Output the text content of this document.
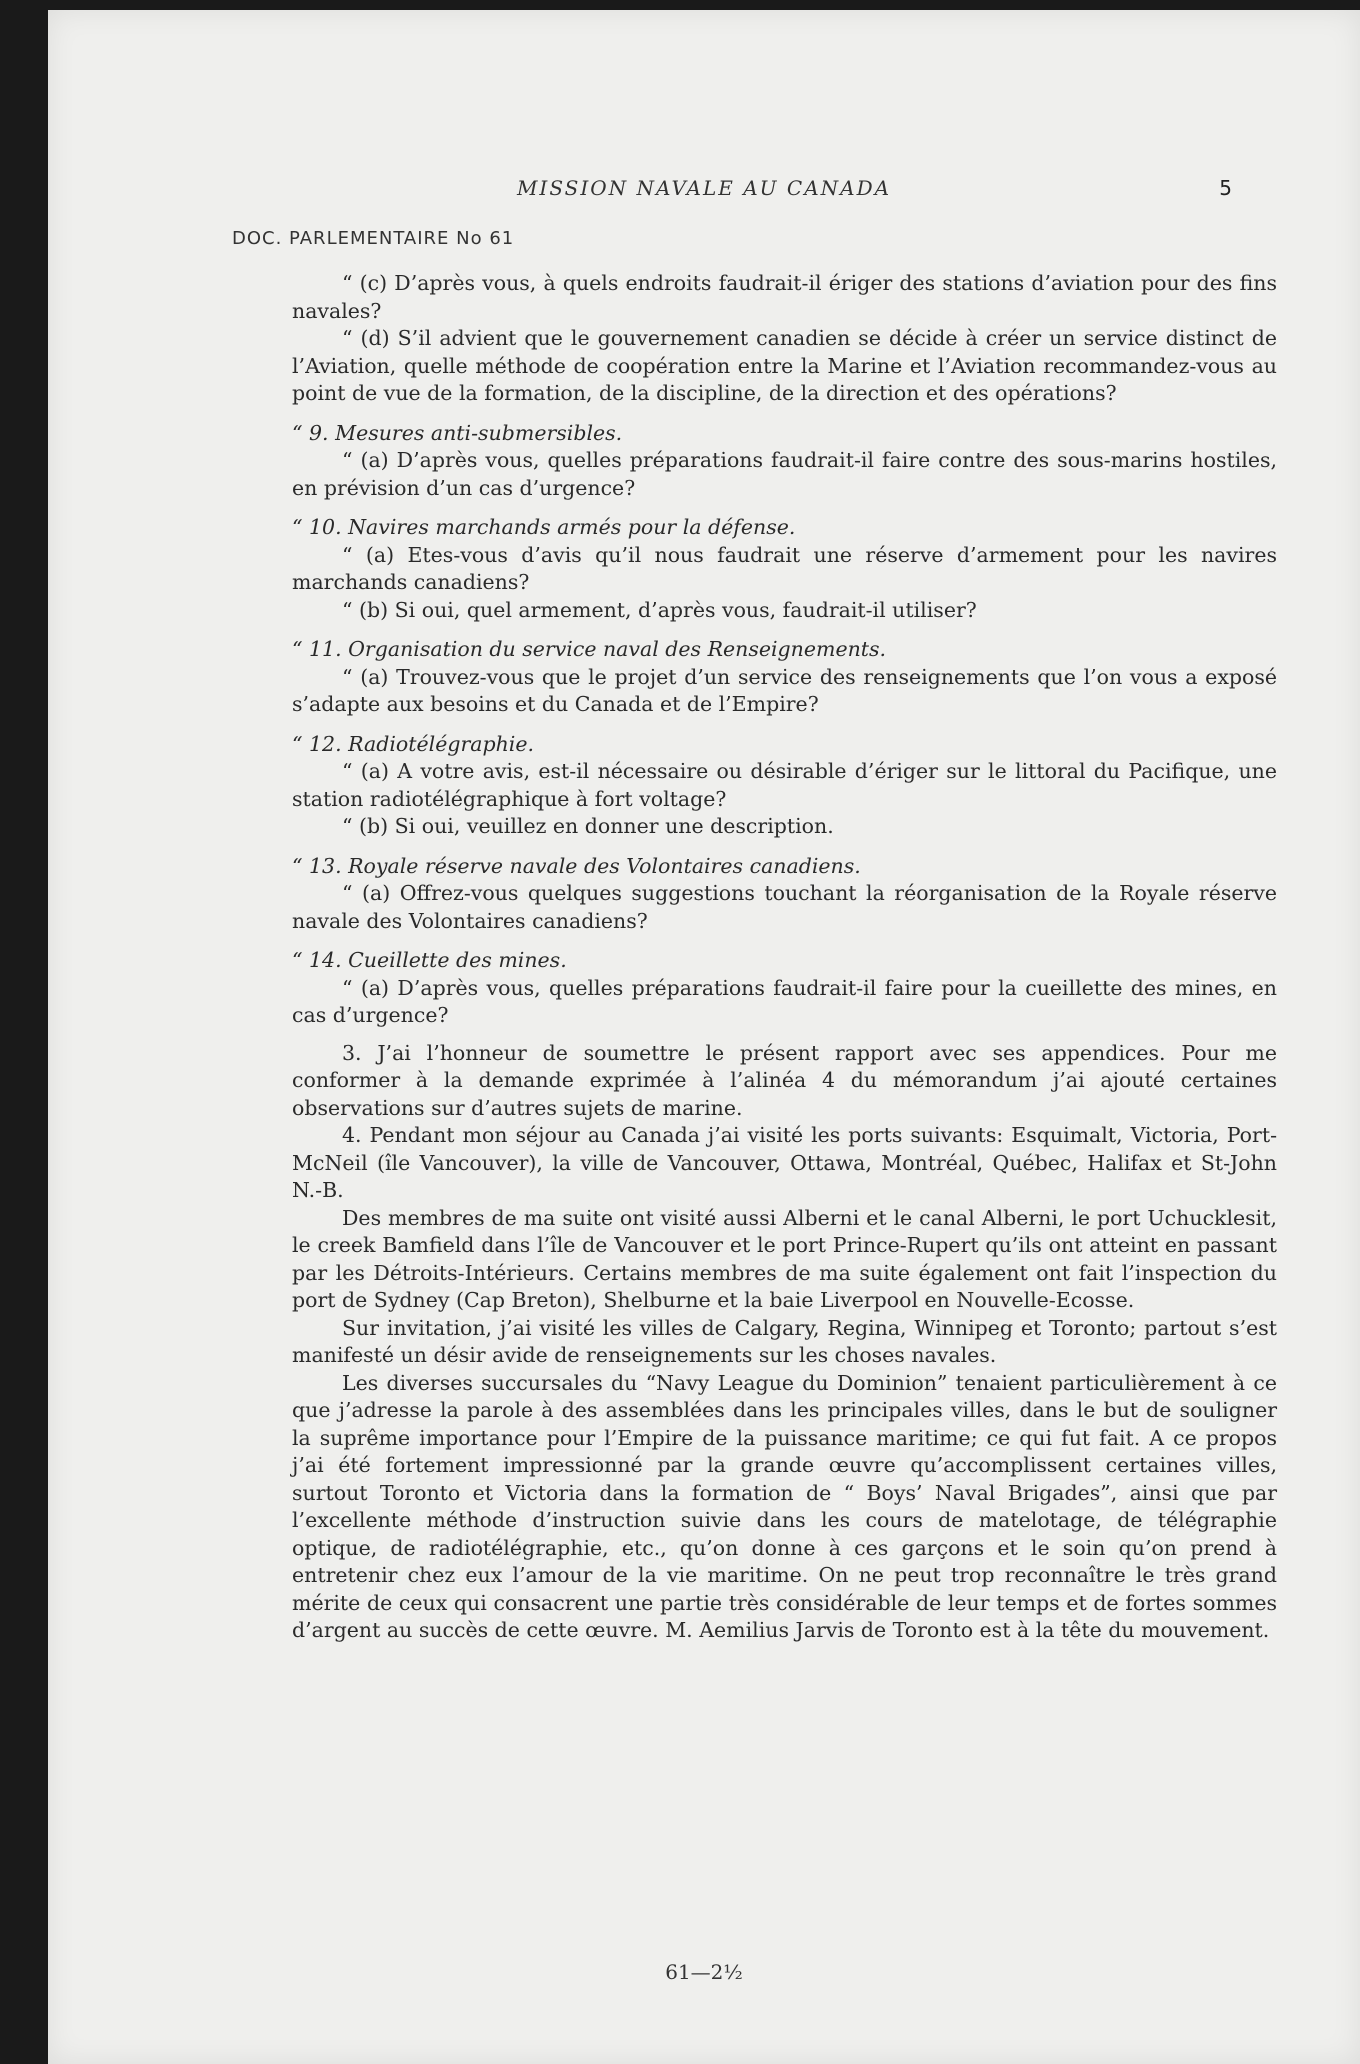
MISSION NAVALE AU CANADA	5
DOC. PARLEMENTAIRE No 61

“ (c) D’après vous, à quels endroits faudrait-il ériger des stations d’aviation pour des fins navales?

“ (d) S’il advient que le gouvernement canadien se décide à créer un service distinct de l’Aviation, quelle méthode de coopération entre la Marine et l’Aviation recommandez-vous au point de vue de la formation, de la discipline, de la direction et des opérations?

“ 9. Mesures anti-submersibles.

“ (a) D’après vous, quelles préparations faudrait-il faire contre des sous-marins hostiles, en prévision d’un cas d’urgence?

“ 10. Navires marchands armés pour la défense.

“ (a) Etes-vous d’avis qu’il nous faudrait une réserve d’armement pour les navires marchands canadiens?

“ (b) Si oui, quel armement, d’après vous, faudrait-il utiliser?

“ 11. Organisation du service naval des Renseignements.

“ (a) Trouvez-vous que le projet d’un service des renseignements que l’on vous a exposé s’adapte aux besoins et du Canada et de l’Empire?

“ 12. Radiotélégraphie.

“ (a) A votre avis, est-il nécessaire ou désirable d’ériger sur le littoral du Pacifique, une station radiotélégraphique à fort voltage?

“ (b) Si oui, veuillez en donner une description.

“ 13. Royale réserve navale des Volontaires canadiens.

“ (a) Offrez-vous quelques suggestions touchant la réorganisation de la Royale réserve navale des Volontaires canadiens?

“ 14. Cueillette des mines.

“ (a) D’après vous, quelles préparations faudrait-il faire pour la cueillette des mines, en cas d’urgence?

3. J’ai l’honneur de soumettre le présent rapport avec ses appendices. Pour me conformer à la demande exprimée à l’alinéa 4 du mémorandum j’ai ajouté certaines observations sur d’autres sujets de marine.

4. Pendant mon séjour au Canada j’ai visité les ports suivants: Esquimalt, Victoria, Port-McNeil (île Vancouver), la ville de Vancouver, Ottawa, Montréal, Québec, Halifax et St-John N.-B.

Des membres de ma suite ont visité aussi Alberni et le canal Alberni, le port Uchucklesit, le creek Bamfield dans l’île de Vancouver et le port Prince-Rupert qu’ils ont atteint en passant par les Détroits-Intérieurs. Certains membres de ma suite également ont fait l’inspection du port de Sydney (Cap Breton), Shelburne et la baie Liverpool en Nouvelle-Ecosse.

Sur invitation, j’ai visité les villes de Calgary, Regina, Winnipeg et Toronto; partout s’est manifesté un désir avide de renseignements sur les choses navales.

Les diverses succursales du “Navy League du Dominion” tenaient particulièrement à ce que j’adresse la parole à des assemblées dans les principales villes, dans le but de souligner la suprême importance pour l’Empire de la puissance maritime; ce qui fut fait. A ce propos j’ai été fortement impressionné par la grande œuvre qu’accomplissent certaines villes, surtout Toronto et Victoria dans la formation de “ Boys’ Naval Brigades”, ainsi que par l’excellente méthode d’instruction suivie dans les cours de matelotage, de télégraphie optique, de radiotélégraphie, etc., qu’on donne à ces garçons et le soin qu’on prend à entretenir chez eux l’amour de la vie maritime. On ne peut trop reconnaître le très grand mérite de ceux qui consacrent une partie très considérable de leur temps et de fortes sommes d’argent au succès de cette œuvre. M. Aemilius Jarvis de Toronto est à la tête du mouvement.

61—2½
